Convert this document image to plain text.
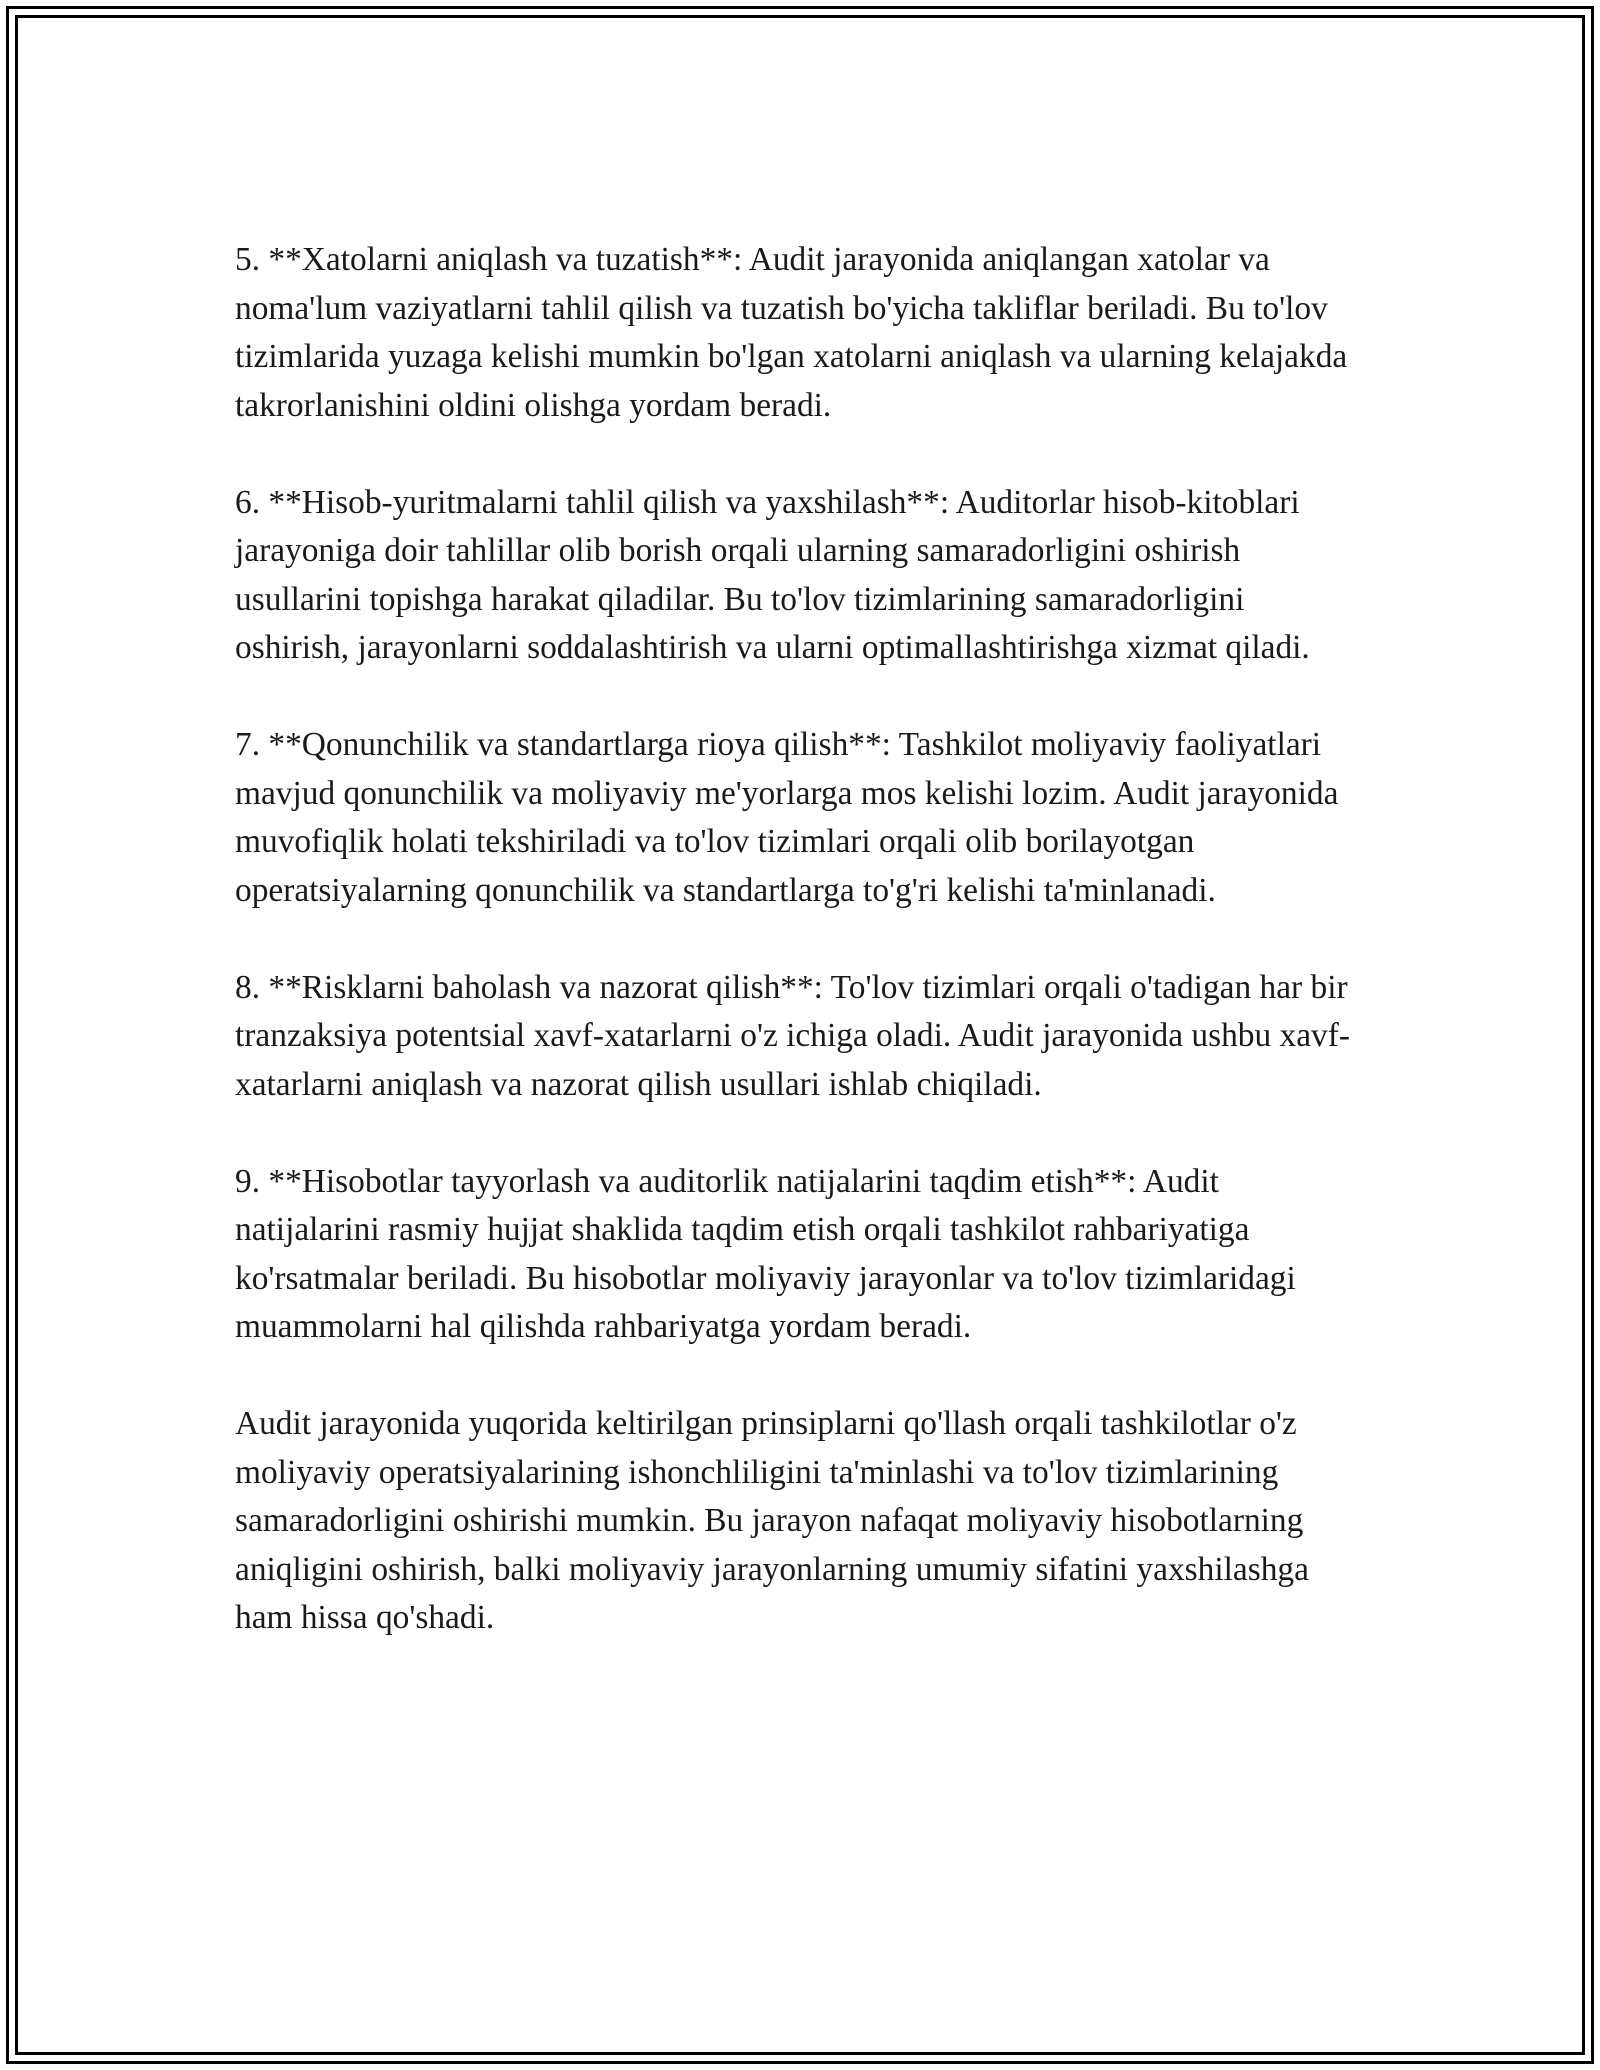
5. **Xatolarni aniqlash va tuzatish**: Audit jarayonida aniqlangan xatolar va noma'lum vaziyatlarni tahlil qilish va tuzatish bo'yicha takliflar beriladi. Bu to'lov tizimlarida yuzaga kelishi mumkin bo'lgan xatolarni aniqlash va ularning kelajakda takrorlanishini oldini olishga yordam beradi.

6. **Hisob-yuritmalarni tahlil qilish va yaxshilash**: Auditorlar hisob-kitoblari jarayoniga doir tahlillar olib borish orqali ularning samaradorligini oshirish usullarini topishga harakat qiladilar. Bu to'lov tizimlarining samaradorligini oshirish, jarayonlarni soddalashtirish va ularni optimallashtirishga xizmat qiladi.

7. **Qonunchilik va standartlarga rioya qilish**: Tashkilot moliyaviy faoliyatlari mavjud qonunchilik va moliyaviy me'yorlarga mos kelishi lozim. Audit jarayonida muvofiqlik holati tekshiriladi va to'lov tizimlari orqali olib borilayotgan operatsiyalarning qonunchilik va standartlarga to'g'ri kelishi ta'minlanadi.

8. **Risklarni baholash va nazorat qilish**: To'lov tizimlari orqali o'tadigan har bir tranzaksiya potentsial xavf-xatarlarni o'z ichiga oladi. Audit jarayonida ushbu xavf-xatarlarni aniqlash va nazorat qilish usullari ishlab chiqiladi.

9. **Hisobotlar tayyorlash va auditorlik natijalarini taqdim etish**: Audit natijalarini rasmiy hujjat shaklida taqdim etish orqali tashkilot rahbariyatiga ko'rsatmalar beriladi. Bu hisobotlar moliyaviy jarayonlar va to'lov tizimlaridagi muammolarni hal qilishda rahbariyatga yordam beradi.

Audit jarayonida yuqorida keltirilgan prinsiplarni qo'llash orqali tashkilotlar o'z moliyaviy operatsiyalarining ishonchliligini ta'minlashi va to'lov tizimlarining samaradorligini oshirishi mumkin. Bu jarayon nafaqat moliyaviy hisobotlarning aniqligini oshirish, balki moliyaviy jarayonlarning umumiy sifatini yaxshilashga ham hissa qo'shadi.
